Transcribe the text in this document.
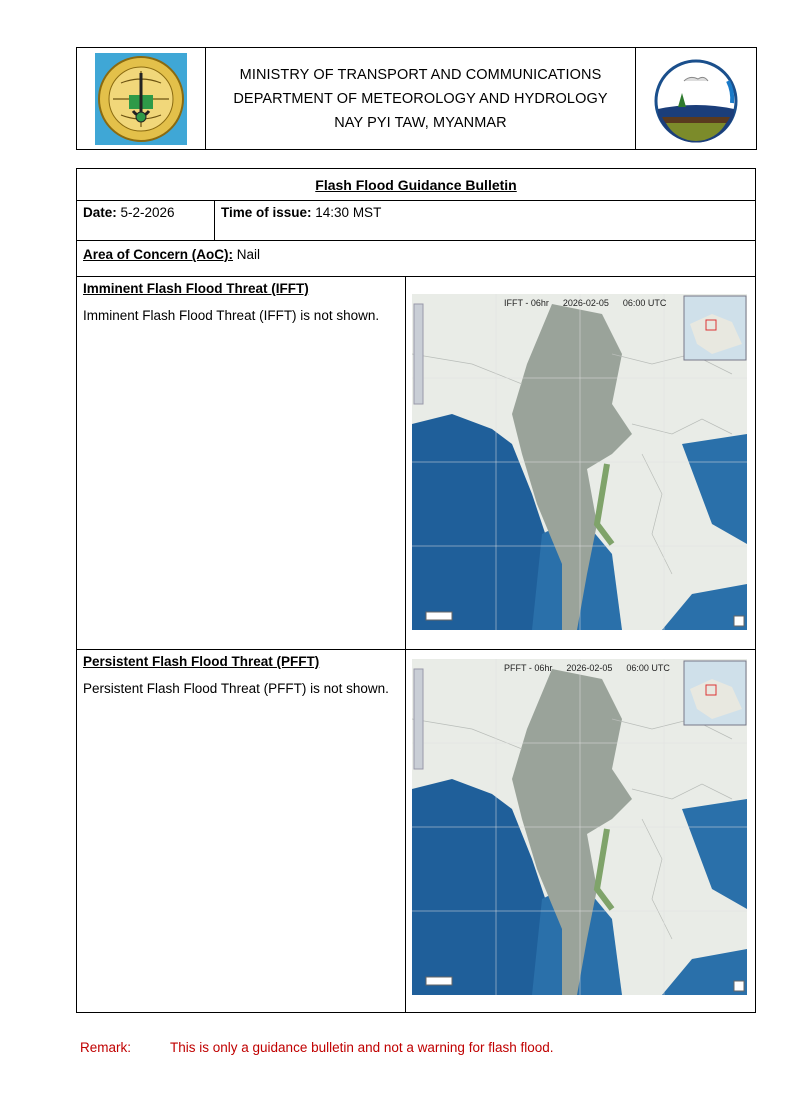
MINISTRY OF TRANSPORT AND COMMUNICATIONS
DEPARTMENT OF METEOROLOGY AND HYDROLOGY
NAY PYI TAW, MYANMAR
Flash Flood Guidance Bulletin
Date: 5-2-2026	Time of issue: 14:30 MST
Area of Concern (AoC): Nail
Imminent Flash Flood Threat (IFFT)
Imminent Flash Flood Threat (IFFT) is not shown.
IFFT - 06hr 2026-02-05 06:00 UTC
Persistent Flash Flood Threat (PFFT)
Persistent Flash Flood Threat (PFFT) is not shown.
PFFT - 06hr 2026-02-05 06:00 UTC
Remark:	This is only a guidance bulletin and not a warning for flash flood.
